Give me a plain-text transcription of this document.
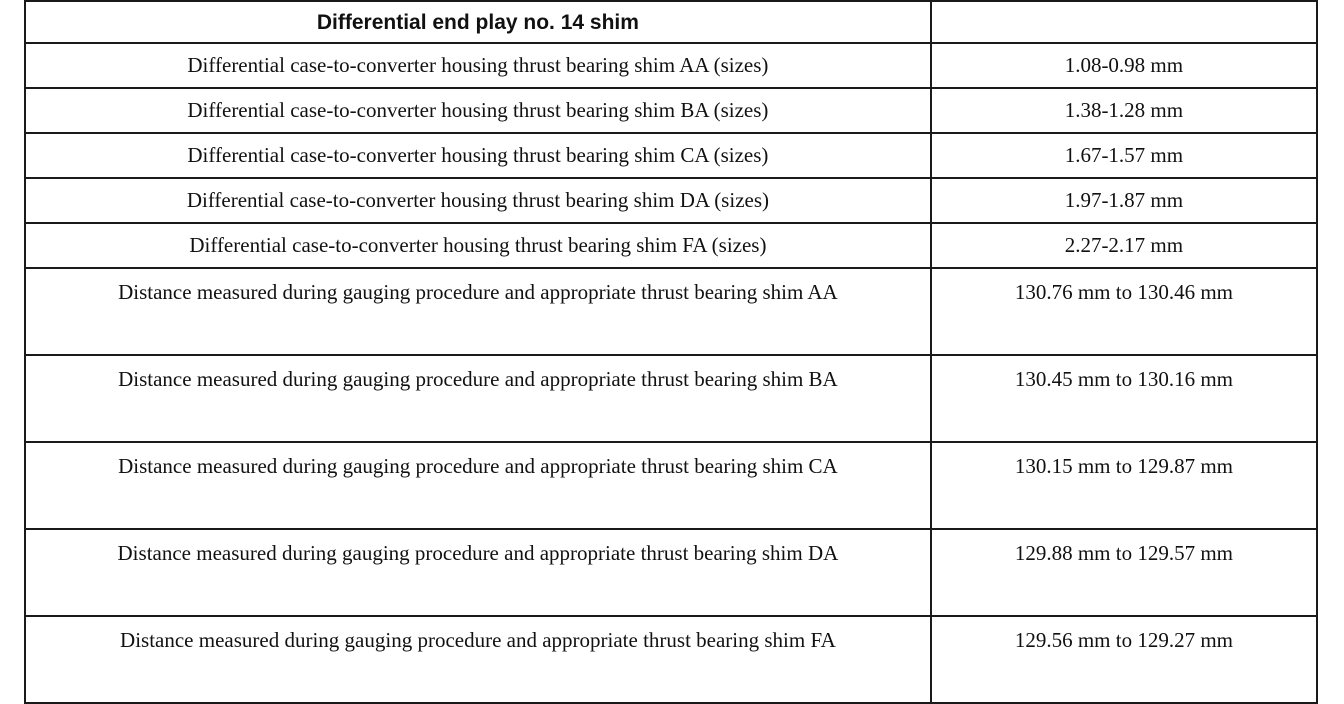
Differential end play no. 14 shim	
Differential case-to-converter housing thrust bearing shim AA (sizes)	1.08-0.98 mm
Differential case-to-converter housing thrust bearing shim BA (sizes)	1.38-1.28 mm
Differential case-to-converter housing thrust bearing shim CA (sizes)	1.67-1.57 mm
Differential case-to-converter housing thrust bearing shim DA (sizes)	1.97-1.87 mm
Differential case-to-converter housing thrust bearing shim FA (sizes)	2.27-2.17 mm
Distance measured during gauging procedure and appropriate thrust bearing shim AA	130.76 mm to 130.46 mm
Distance measured during gauging procedure and appropriate thrust bearing shim BA	130.45 mm to 130.16 mm
Distance measured during gauging procedure and appropriate thrust bearing shim CA	130.15 mm to 129.87 mm
Distance measured during gauging procedure and appropriate thrust bearing shim DA	129.88 mm to 129.57 mm
Distance measured during gauging procedure and appropriate thrust bearing shim FA	129.56 mm to 129.27 mm
